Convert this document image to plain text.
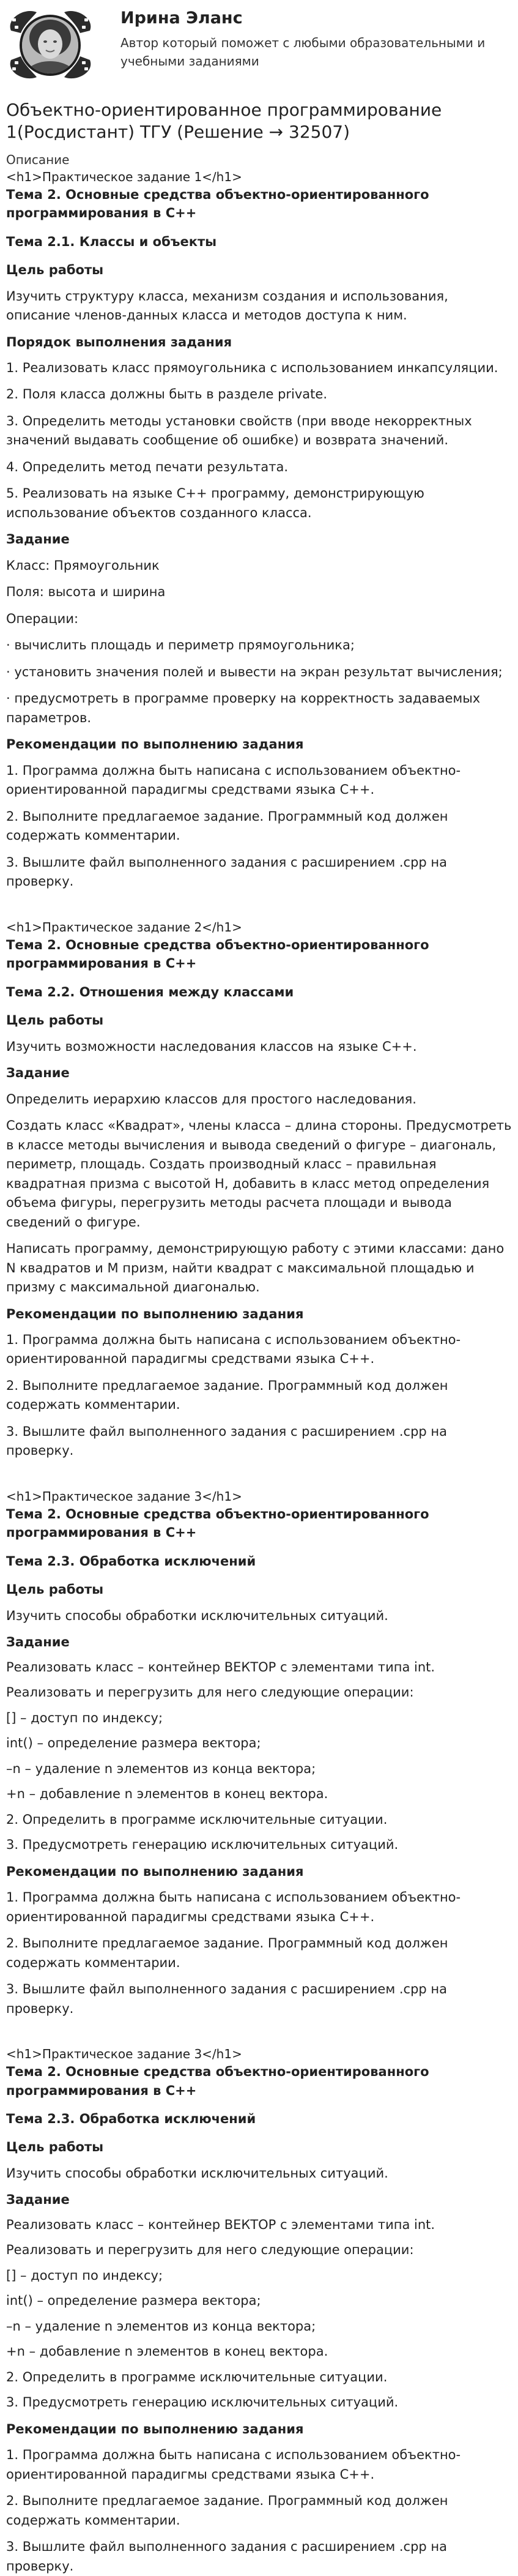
Ирина Эланс
Автор который поможет с любыми образовательными и учебными заданиями
Объектно-ориентированное программирование 1(Росдистант) ТГУ (Решение → 32507)
Описание
<h1>Практическое задание 1</h1>
Тема 2. Основные средства объектно-ориентированного программирования в С++
Тема 2.1. Классы и объекты
Цель работы
Изучить структуру класса, механизм создания и использования, описание членов-данных класса и методов доступа к ним.
Порядок выполнения задания
1. Реализовать класс прямоугольника с использованием инкапсуляции.
2. Поля класса должны быть в разделе private.
3. Определить методы установки свойств (при вводе некорректных значений выдавать сообщение об ошибке) и возврата значений.
4. Определить метод печати результата.
5. Реализовать на языке С++ программу, демонстрирующую использование объектов созданного класса.
Задание
Класс: Прямоугольник
Поля: высота и ширина
Операции:
· вычислить площадь и периметр прямоугольника;
· установить значения полей и вывести на экран результат вычисления;
· предусмотреть в программе проверку на корректность задаваемых параметров.
Рекомендации по выполнению задания
1. Программа должна быть написана с использованием объектно-ориентированной парадигмы средствами языка С++.
2. Выполните предлагаемое задание. Программный код должен содержать комментарии.
3. Вышлите файл выполненного задания с расширением .cpp на проверку.
<h1>Практическое задание 2</h1>
Тема 2. Основные средства объектно-ориентированного программирования в С++
Тема 2.2. Отношения между классами
Цель работы
Изучить возможности наследования классов на языке С++.
Задание
Определить иерархию классов для простого наследования.
Создать класс «Квадрат», члены класса – длина стороны. Предусмотреть в классе методы вычисления и вывода сведений о фигуре – диагональ, периметр, площадь. Создать производный класс – правильная квадратная призма с высотой H, добавить в класс метод определения объема фигуры, перегрузить методы расчета площади и вывода сведений о фигуре.
Написать программу, демонстрирующую работу с этими классами: дано N квадратов и M призм, найти квадрат с максимальной площадью и призму с максимальной диагональю.
Рекомендации по выполнению задания
1. Программа должна быть написана с использованием объектно-ориентированной парадигмы средствами языка С++.
2. Выполните предлагаемое задание. Программный код должен содержать комментарии.
3. Вышлите файл выполненного задания с расширением .cpp на проверку.
<h1>Практическое задание 3</h1>
Тема 2. Основные средства объектно-ориентированного программирования в С++
Тема 2.3. Обработка исключений
Цель работы
Изучить способы обработки исключительных ситуаций.
Задание
Реализовать класс – контейнер ВЕКТОР с элементами типа int.
Реализовать и перегрузить для него следующие операции:
[] – доступ по индексу;
int() – определение размера вектора;
–n – удаление n элементов из конца вектора;
+n – добавление n элементов в конец вектора.
2. Определить в программе исключительные ситуации.
3. Предусмотреть генерацию исключительных ситуаций.
Рекомендации по выполнению задания
1. Программа должна быть написана с использованием объектно-ориентированной парадигмы средствами языка С++.
2. Выполните предлагаемое задание. Программный код должен содержать комментарии.
3. Вышлите файл выполненного задания с расширением .cpp на проверку.
<h1>Практическое задание 3</h1>
Тема 2. Основные средства объектно-ориентированного программирования в С++
Тема 2.3. Обработка исключений
Цель работы
Изучить способы обработки исключительных ситуаций.
Задание
Реализовать класс – контейнер ВЕКТОР с элементами типа int.
Реализовать и перегрузить для него следующие операции:
[] – доступ по индексу;
int() – определение размера вектора;
–n – удаление n элементов из конца вектора;
+n – добавление n элементов в конец вектора.
2. Определить в программе исключительные ситуации.
3. Предусмотреть генерацию исключительных ситуаций.
Рекомендации по выполнению задания
1. Программа должна быть написана с использованием объектно-ориентированной парадигмы средствами языка С++.
2. Выполните предлагаемое задание. Программный код должен содержать комментарии.
3. Вышлите файл выполненного задания с расширением .cpp на проверку.
